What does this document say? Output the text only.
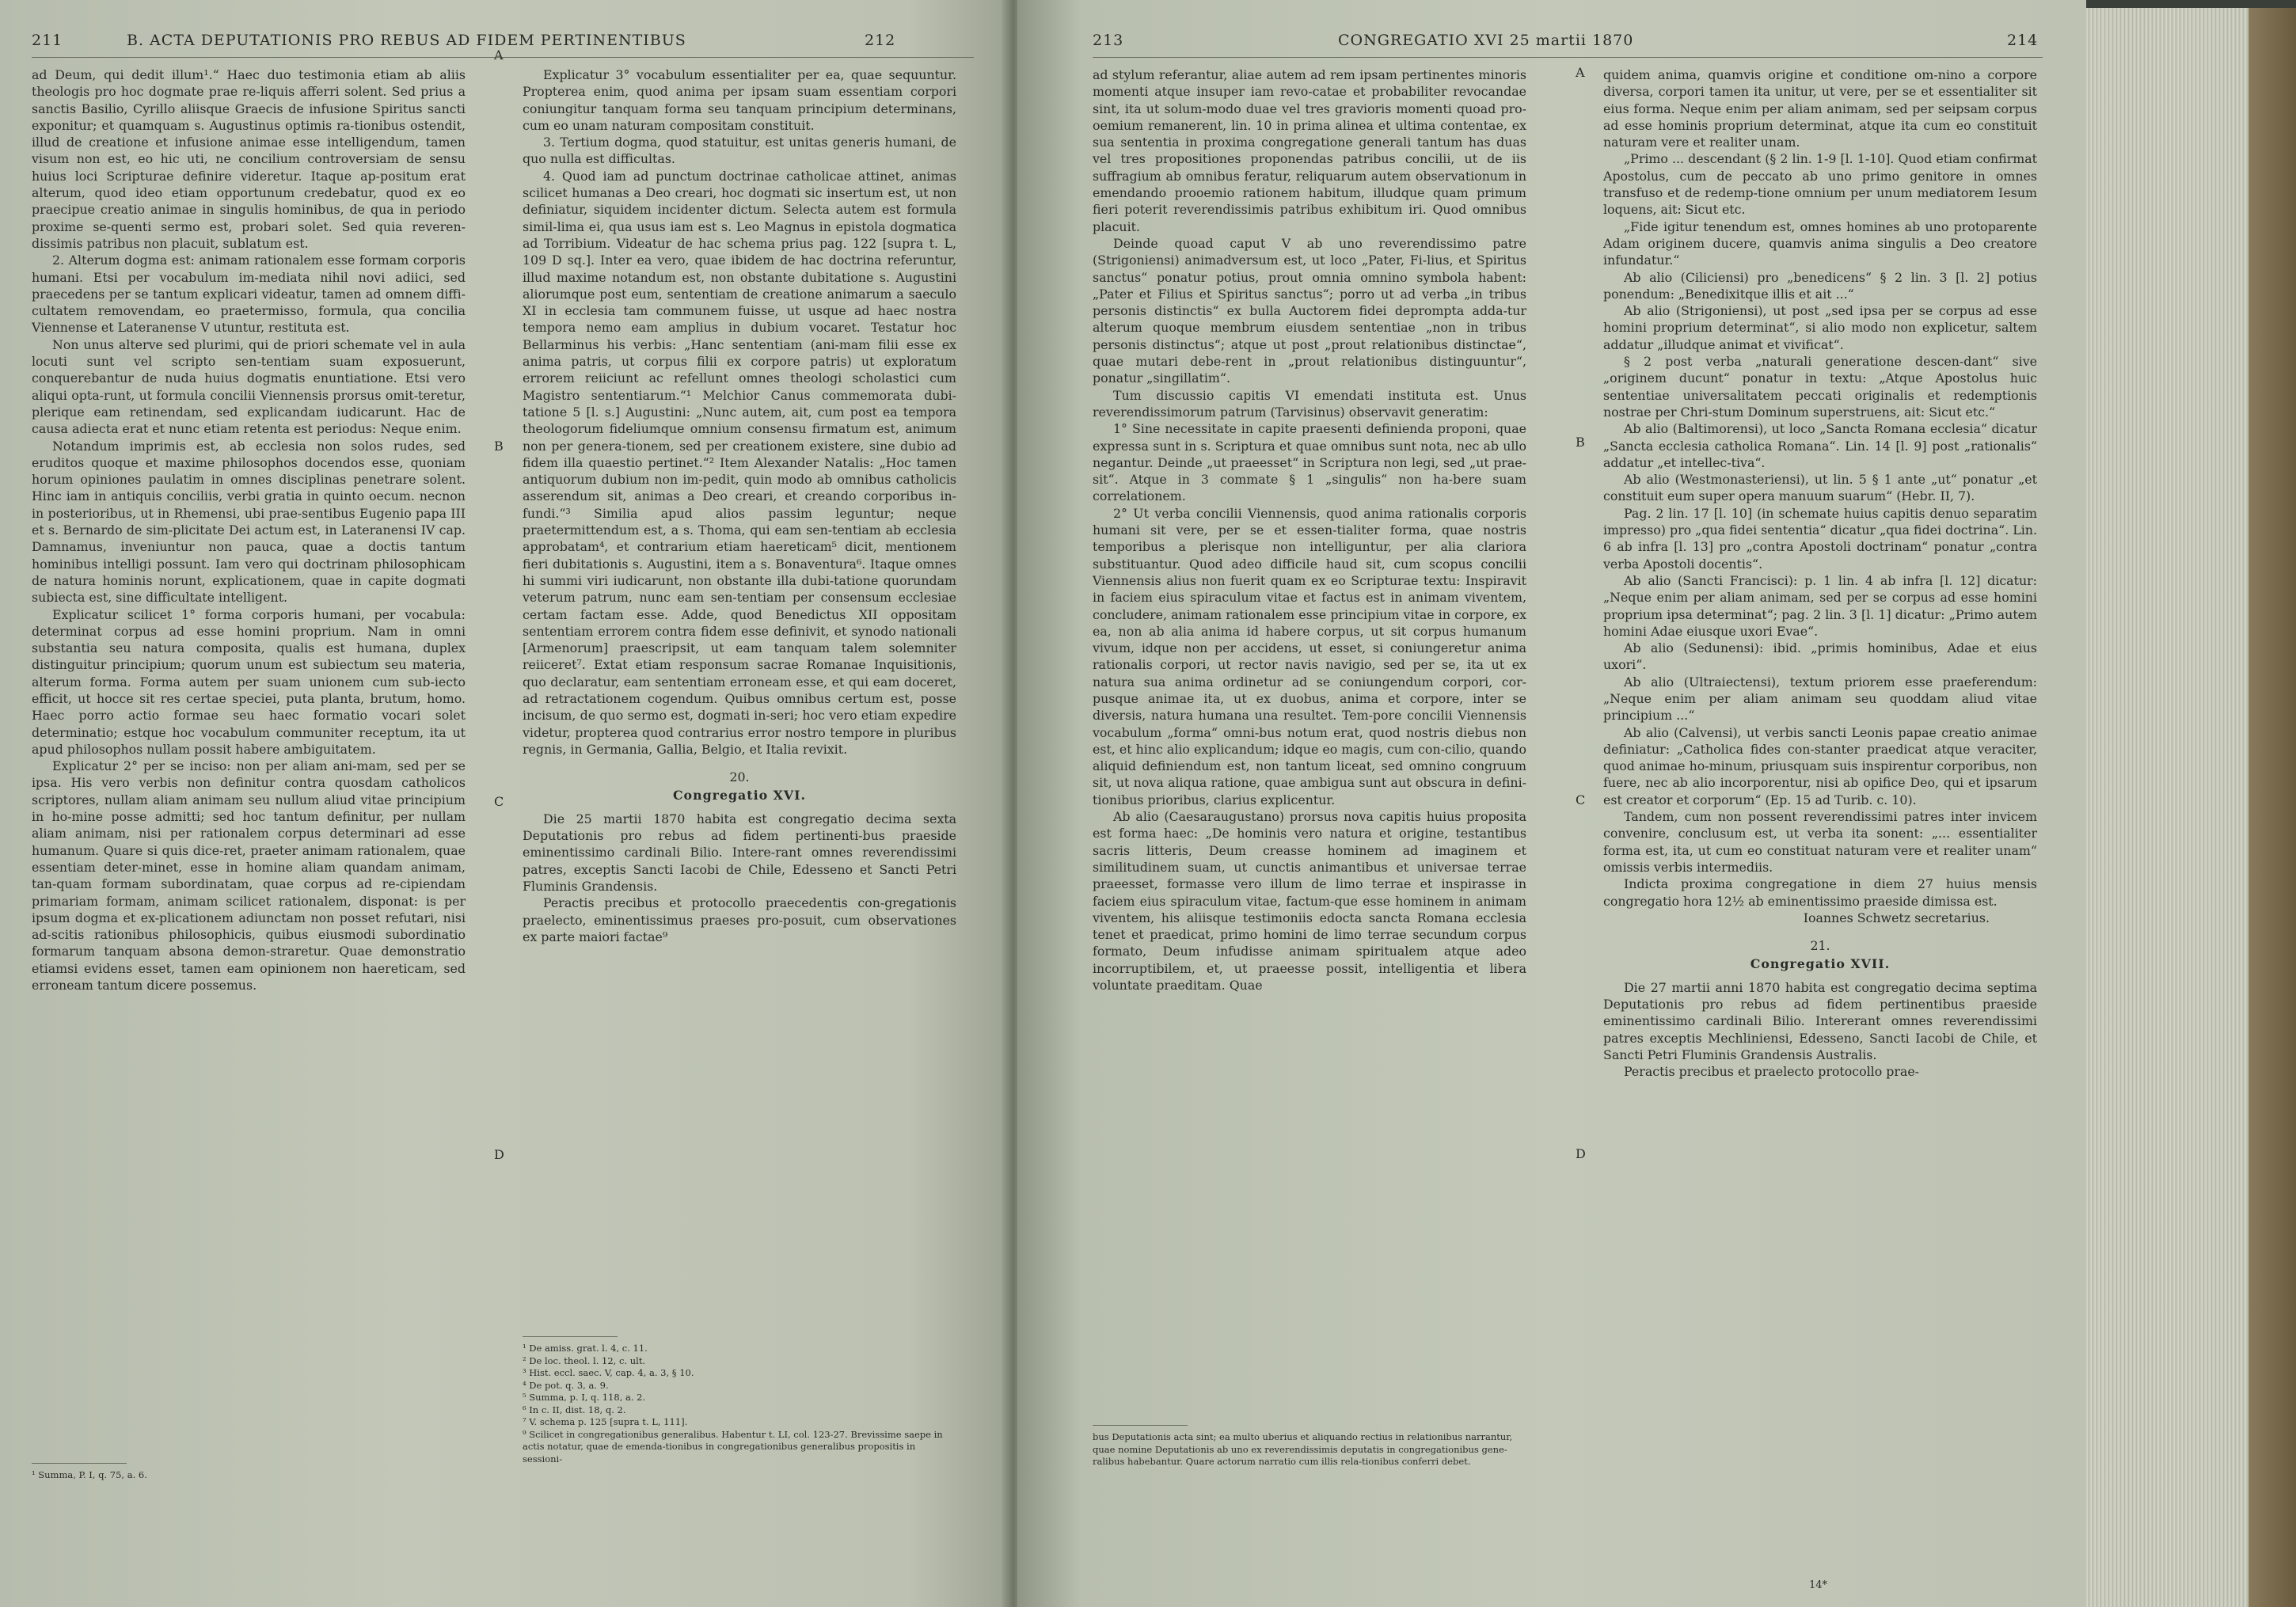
211	B. ACTA DEPUTATIONIS PRO REBUS AD FIDEM PERTINENTIBUS	212

ad Deum, qui dedit illum¹.“ Haec duo testimonia etiam ab aliis theologis pro hoc dogmate prae re-liquis afferri solent. Sed prius a sanctis Basilio, Cyrillo aliisque Graecis de infusione Spiritus sancti exponitur; et quamquam s. Augustinus optimis ra-tionibus ostendit, illud de creatione et infusione animae esse intelligendum, tamen visum non est, eo hic uti, ne concilium controversiam de sensu huius loci Scripturae definire videretur. Itaque ap-positum erat alterum, quod ideo etiam opportunum credebatur, quod ex eo praecipue creatio animae in singulis hominibus, de qua in periodo proxime se-quenti sermo est, probari solet. Sed quia reveren-dissimis patribus non placuit, sublatum est.

2. Alterum dogma est: animam rationalem esse formam corporis humani. Etsi per vocabulum im-mediata nihil novi adiici, sed praecedens per se tantum explicari videatur, tamen ad omnem diffi-cultatem removendam, eo praetermisso, formula, qua concilia Viennense et Lateranense V utuntur, restituta est.

Non unus alterve sed plurimi, qui de priori schemate vel in aula locuti sunt vel scripto sen-tentiam suam exposuerunt, conquerebantur de nuda huius dogmatis enuntiatione. Etsi vero aliqui opta-runt, ut formula concilii Viennensis prorsus omit-teretur, plerique eam retinendam, sed explicandam iudicarunt. Hac de causa adiecta erat et nunc etiam retenta est periodus: Neque enim.

Notandum imprimis est, ab ecclesia non solos rudes, sed eruditos quoque et maxime philosophos docendos esse, quoniam horum opiniones paulatim in omnes disciplinas penetrare solent. Hinc iam in antiquis conciliis, verbi gratia in quinto oecum. necnon in posterioribus, ut in Rhemensi, ubi prae-sentibus Eugenio papa III et s. Bernardo de sim-plicitate Dei actum est, in Lateranensi IV cap. Damnamus, inveniuntur non pauca, quae a doctis tantum hominibus intelligi possunt. Iam vero qui doctrinam philosophicam de natura hominis norunt, explicationem, quae in capite dogmati subiecta est, sine difficultate intelligent.

Explicatur scilicet 1° forma corporis humani, per vocabula: determinat corpus ad esse homini proprium. Nam in omni substantia seu natura composita, qualis est humana, duplex distinguitur principium; quorum unum est subiectum seu materia, alterum forma. Forma autem per suam unionem cum sub-iecto efficit, ut hocce sit res certae speciei, puta planta, brutum, homo. Haec porro actio formae seu haec formatio vocari solet determinatio; estque hoc vocabulum communiter receptum, ita ut apud philosophos nullam possit habere ambiguitatem.

Explicatur 2° per se inciso: non per aliam ani-mam, sed per se ipsa. His vero verbis non definitur contra quosdam catholicos scriptores, nullam aliam animam seu nullum aliud vitae principium in ho-mine posse admitti; sed hoc tantum definitur, per nullam aliam animam, nisi per rationalem corpus determinari ad esse humanum. Quare si quis dice-ret, praeter animam rationalem, quae essentiam deter-minet, esse in homine aliam quandam animam, tan-quam formam subordinatam, quae corpus ad re-cipiendam primariam formam, animam scilicet rationalem, disponat: is per ipsum dogma et ex-plicationem adiunctam non posset refutari, nisi ad-scitis rationibus philosophicis, quibus eiusmodi subordinatio formarum tanquam absona demon-straretur. Quae demonstratio etiamsi evidens esset, tamen eam opinionem non haereticam, sed erroneam tantum dicere possemus.

¹ Summa, P. I, q. 75, a. 6.

Explicatur 3° vocabulum essentialiter per ea, quae sequuntur. Propterea enim, quod anima per ipsam suam essentiam corpori coniungitur tanquam forma seu tanquam principium determinans, cum eo unam naturam compositam constituit.

3. Tertium dogma, quod statuitur, est unitas generis humani, de quo nulla est difficultas.

4. Quod iam ad punctum doctrinae catholicae attinet, animas scilicet humanas a Deo creari, hoc dogmati sic insertum est, ut non definiatur, siquidem incidenter dictum. Selecta autem est formula simil-lima ei, qua usus iam est s. Leo Magnus in epistola dogmatica ad Torribium. Videatur de hac schema prius pag. 122 [supra t. L, 109 D sq.]. Inter ea vero, quae ibidem de hac doctrina referuntur, illud maxime notandum est, non obstante dubitatione s. Augustini aliorumque post eum, sententiam de creatione animarum a saeculo XI in ecclesia tam communem fuisse, ut usque ad haec nostra tempora nemo eam amplius in dubium vocaret. Testatur hoc Bellarminus his verbis: „Hanc sententiam (ani-mam filii esse ex anima patris, ut corpus filii ex corpore patris) ut exploratum errorem reiiciunt ac refellunt omnes theologi scholastici cum Magistro sententiarum.“¹ Melchior Canus commemorata dubi-tatione 5 [l. s.] Augustini: „Nunc autem, ait, cum post ea tempora theologorum fideliumque omnium consensu firmatum est, animum non per genera-tionem, sed per creationem existere, sine dubio ad fidem illa quaestio pertinet.“² Item Alexander Natalis: „Hoc tamen antiquorum dubium non im-pedit, quin modo ab omnibus catholicis asserendum sit, animas a Deo creari, et creando corporibus in-fundi.“³ Similia apud alios passim leguntur; neque praetermittendum est, a s. Thoma, qui eam sen-tentiam ab ecclesia approbatam⁴, et contrarium etiam haereticam⁵ dicit, mentionem fieri dubitationis s. Augustini, item a s. Bonaventura⁶. Itaque omnes hi summi viri iudicarunt, non obstante illa dubi-tatione quorundam veterum patrum, nunc eam sen-tentiam per consensum ecclesiae certam factam esse. Adde, quod Benedictus XII oppositam sententiam errorem contra fidem esse definivit, et synodo nationali [Armenorum] praescripsit, ut eam tanquam talem solemniter reiiceret⁷. Extat etiam responsum sacrae Romanae Inquisitionis, quo declaratur, eam sententiam erroneam esse, et qui eam doceret, ad retractationem cogendum. Quibus omnibus certum est, posse incisum, de quo sermo est, dogmati in-seri; hoc vero etiam expedire videtur, propterea quod contrarius error nostro tempore in pluribus regnis, in Germania, Gallia, Belgio, et Italia revixit.

20.

Congregatio XVI.

Die 25 martii 1870 habita est congregatio decima sexta Deputationis pro rebus ad fidem pertinenti-bus praeside eminentissimo cardinali Bilio. Intere-rant omnes reverendissimi patres, exceptis Sancti Iacobi de Chile, Edesseno et Sancti Petri Fluminis Grandensis.

Peractis precibus et protocollo praecedentis con-gregationis praelecto, eminentissimus praeses pro-posuit, cum observationes ex parte maiori factae⁹

¹ De amiss. grat. l. 4, c. 11.
² De loc. theol. l. 12, c. ult.
³ Hist. eccl. saec. V, cap. 4, a. 3, § 10.
⁴ De pot. q. 3, a. 9.
⁵ Summa, p. I, q. 118, a. 2.
⁶ In c. II, dist. 18, q. 2.
⁷ V. schema p. 125 [supra t. L, 111].
⁹ Scilicet in congregationibus generalibus. Habentur t. LI, col. 123-27. Brevissime saepe in actis notatur, quae de emenda-tionibus in congregationibus generalibus propositis in sessioni-
A
B
C
D
213	CONGREGATIO XVI 25 martii 1870	214

ad stylum referantur, aliae autem ad rem ipsam pertinentes minoris momenti atque insuper iam revo-catae et probabiliter revocandae sint, ita ut solum-modo duae vel tres gravioris momenti quoad pro-oemium remanerent, lin. 10 in prima alinea et ultima contentae, ex sua sententia in proxima congregatione generali tantum has duas vel tres propositiones proponendas patribus concilii, ut de iis suffragium ab omnibus feratur, reliquarum autem observationum in emendando prooemio rationem habitum, illudque quam primum fieri poterit reverendissimis patribus exhibitum iri. Quod omnibus placuit.

Deinde quoad caput V ab uno reverendissimo patre (Strigoniensi) animadversum est, ut loco „Pater, Fi-lius, et Spiritus sanctus“ ponatur potius, prout omnia omnino symbola habent: „Pater et Filius et Spiritus sanctus“; porro ut ad verba „in tribus personis distinctis“ ex bulla Auctorem fidei deprompta adda-tur alterum quoque membrum eiusdem sententiae „non in tribus personis distinctus“; atque ut post „prout relationibus distinctae“, quae mutari debe-rent in „prout relationibus distinguuntur“, ponatur „singillatim“.

Tum discussio capitis VI emendati instituta est. Unus reverendissimorum patrum (Tarvisinus) observavit generatim:

1° Sine necessitate in capite praesenti definienda proponi, quae expressa sunt in s. Scriptura et quae omnibus sunt nota, nec ab ullo negantur. Deinde „ut praeesset“ in Scriptura non legi, sed „ut prae-sit“. Atque in 3 commate § 1 „singulis“ non ha-bere suam correlationem.

2° Ut verba concilii Viennensis, quod anima rationalis corporis humani sit vere, per se et essen-tialiter forma, quae nostris temporibus a plerisque non intelliguntur, per alia clariora substituantur. Quod adeo difficile haud sit, cum scopus concilii Viennensis alius non fuerit quam ex eo Scripturae textu: Inspiravit in faciem eius spiraculum vitae et factus est in animam viventem, concludere, animam rationalem esse principium vitae in corpore, ex ea, non ab alia anima id habere corpus, ut sit corpus humanum vivum, idque non per accidens, ut esset, si coniungeretur anima rationalis corpori, ut rector navis navigio, sed per se, ita ut ex natura sua anima ordinetur ad se coniungendum corpori, cor-pusque animae ita, ut ex duobus, anima et corpore, inter se diversis, natura humana una resultet. Tem-pore concilii Viennensis vocabulum „forma“ omni-bus notum erat, quod nostris diebus non est, et hinc alio explicandum; idque eo magis, cum con-cilio, quando aliquid definiendum est, non tantum liceat, sed omnino congruum sit, ut nova aliqua ratione, quae ambigua sunt aut obscura in defini-tionibus prioribus, clarius explicentur.

Ab alio (Caesaraugustano) prorsus nova capitis huius proposita est forma haec: „De hominis vero natura et origine, testantibus sacris litteris, Deum creasse hominem ad imaginem et similitudinem suam, ut cunctis animantibus et universae terrae praeesset, formasse vero illum de limo terrae et inspirasse in faciem eius spiraculum vitae, factum-que esse hominem in animam viventem, his aliisque testimoniis edocta sancta Romana ecclesia tenet et praedicat, primo homini de limo terrae secundum corpus formato, Deum infudisse animam spiritualem atque adeo incorruptibilem, et, ut praeesse possit, intelligentia et libera voluntate praeditam. Quae

bus Deputationis acta sint; ea multo uberius et aliquando rectius in relationibus narrantur, quae nomine Deputationis ab uno ex reverendissimis deputatis in congregationibus gene-ralibus habebantur. Quare actorum narratio cum illis rela-tionibus conferri debet.

quidem anima, quamvis origine et conditione om-nino a corpore diversa, corpori tamen ita unitur, ut vere, per se et essentialiter sit eius forma. Neque enim per aliam animam, sed per seipsam corpus ad esse hominis proprium determinat, atque ita cum eo constituit naturam vere et realiter unam.

„Primo ... descendant (§ 2 lin. 1-9 [l. 1-10]. Quod etiam confirmat Apostolus, cum de peccato ab uno primo genitore in omnes transfuso et de redemp-tione omnium per unum mediatorem Iesum loquens, ait: Sicut etc.

„Fide igitur tenendum est, omnes homines ab uno protoparente Adam originem ducere, quamvis anima singulis a Deo creatore infundatur.“

Ab alio (Ciliciensi) pro „benedicens“ § 2 lin. 3 [l. 2] potius ponendum: „Benedixitque illis et ait ...“

Ab alio (Strigoniensi), ut post „sed ipsa per se corpus ad esse homini proprium determinat“, si alio modo non explicetur, saltem addatur „illudque animat et vivificat“.

§ 2 post verba „naturali generatione descen-dant“ sive „originem ducunt“ ponatur in textu: „Atque Apostolus huic sententiae universalitatem peccati originalis et redemptionis nostrae per Chri-stum Dominum superstruens, ait: Sicut etc.“

Ab alio (Baltimorensi), ut loco „Sancta Romana ecclesia“ dicatur „Sancta ecclesia catholica Romana“. Lin. 14 [l. 9] post „rationalis“ addatur „et intellec-tiva“.

Ab alio (Westmonasteriensi), ut lin. 5 § 1 ante „ut“ ponatur „et constituit eum super opera manuum suarum“ (Hebr. II, 7).

Pag. 2 lin. 17 [l. 10] (in schemate huius capitis denuo separatim impresso) pro „qua fidei sententia“ dicatur „qua fidei doctrina“. Lin. 6 ab infra [l. 13] pro „contra Apostoli doctrinam“ ponatur „contra verba Apostoli docentis“.

Ab alio (Sancti Francisci): p. 1 lin. 4 ab infra [l. 12] dicatur: „Neque enim per aliam animam, sed per se corpus ad esse homini proprium ipsa determinat“; pag. 2 lin. 3 [l. 1] dicatur: „Primo autem homini Adae eiusque uxori Evae“.

Ab alio (Sedunensi): ibid. „primis hominibus, Adae et eius uxori“.

Ab alio (Ultraiectensi), textum priorem esse praeferendum: „Neque enim per aliam animam seu quoddam aliud vitae principium ...“

Ab alio (Calvensi), ut verbis sancti Leonis papae creatio animae definiatur: „Catholica fides con-stanter praedicat atque veraciter, quod animae ho-minum, priusquam suis inspirentur corporibus, non fuere, nec ab alio incorporentur, nisi ab opifice Deo, qui et ipsarum est creator et corporum“ (Ep. 15 ad Turib. c. 10).

Tandem, cum non possent reverendissimi patres inter invicem convenire, conclusum est, ut verba ita sonent: „... essentialiter forma est, ita, ut cum eo constituat naturam vere et realiter unam“ omissis verbis intermediis.

Indicta proxima congregatione in diem 27 huius mensis congregatio hora 12½ ab eminentissimo praeside dimissa est.

Ioannes Schwetz secretarius.

21.

Congregatio XVII.

Die 27 martii anni 1870 habita est congregatio decima septima Deputationis pro rebus ad fidem pertinentibus praeside eminentissimo cardinali Bilio. Intererant omnes reverendissimi patres exceptis Mechliniensi, Edesseno, Sancti Iacobi de Chile, et Sancti Petri Fluminis Grandensis Australis.

Peractis precibus et praelecto protocollo prae-

14*
A
B
C
D
